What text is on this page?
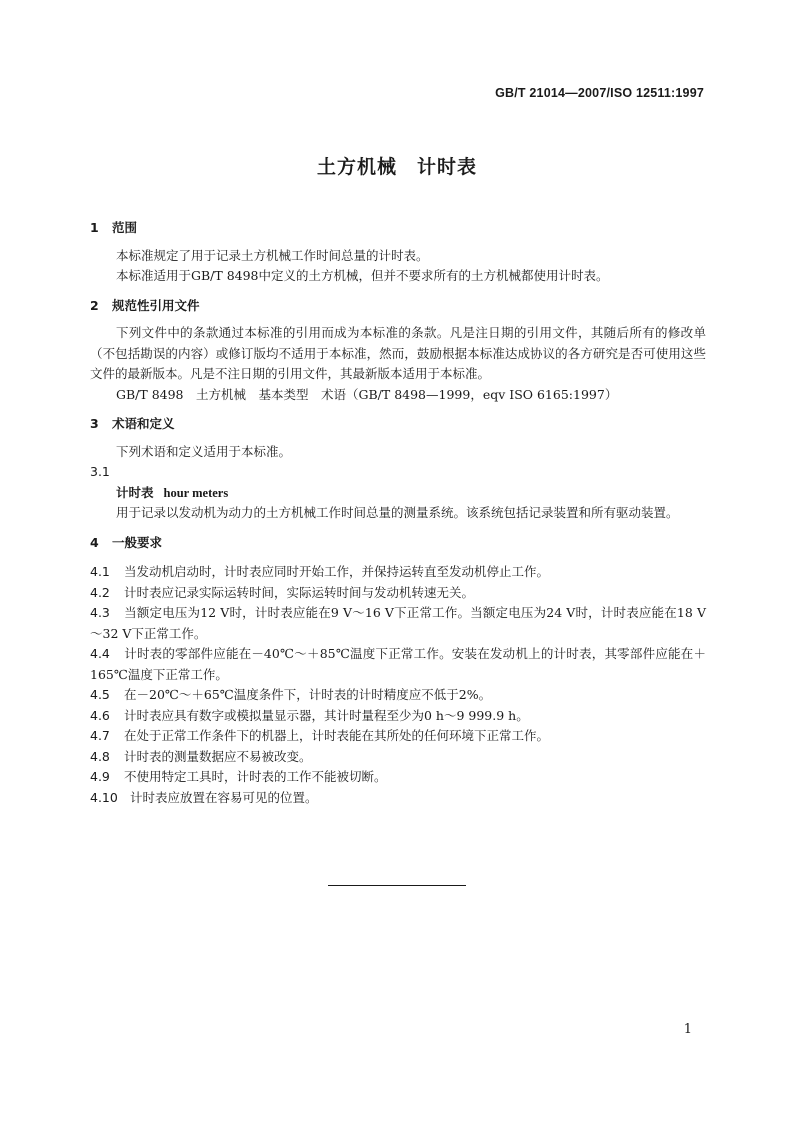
GB/T 21014—2007/ISO 12511:1997
土方机械　计时表

1 范围

本标准规定了用于记录土方机械工作时间总量的计时表。

本标准适用于GB/T 8498中定义的土方机械，但并不要求所有的土方机械都使用计时表。

2 规范性引用文件

下列文件中的条款通过本标准的引用而成为本标准的条款。凡是注日期的引用文件，其随后所有的修改单（不包括勘误的内容）或修订版均不适用于本标准，然而，鼓励根据本标准达成协议的各方研究是否可使用这些文件的最新版本。凡是不注日期的引用文件，其最新版本适用于本标准。

GB/T 8498　土方机械　基本类型　术语（GB/T 8498—1999，eqv ISO 6165:1997）

3 术语和定义

下列术语和定义适用于本标准。

3.1

计时表 hour meters

用于记录以发动机为动力的土方机械工作时间总量的测量系统。该系统包括记录装置和所有驱动装置。

4 一般要求

4.1 当发动机启动时，计时表应同时开始工作，并保持运转直至发动机停止工作。

4.2 计时表应记录实际运转时间，实际运转时间与发动机转速无关。

4.3 当额定电压为12 V时，计时表应能在9 V～16 V下正常工作。当额定电压为24 V时，计时表应能在18 V～32 V下正常工作。

4.4 计时表的零部件应能在－40℃～＋85℃温度下正常工作。安装在发动机上的计时表，其零部件应能在＋165℃温度下正常工作。

4.5 在－20℃～＋65℃温度条件下，计时表的计时精度应不低于2%。

4.6 计时表应具有数字或模拟量显示器，其计时量程至少为0 h～9 999.9 h。

4.7 在处于正常工作条件下的机器上，计时表能在其所处的任何环境下正常工作。

4.8 计时表的测量数据应不易被改变。

4.9 不使用特定工具时，计时表的工作不能被切断。

4.10 计时表应放置在容易可见的位置。

1
